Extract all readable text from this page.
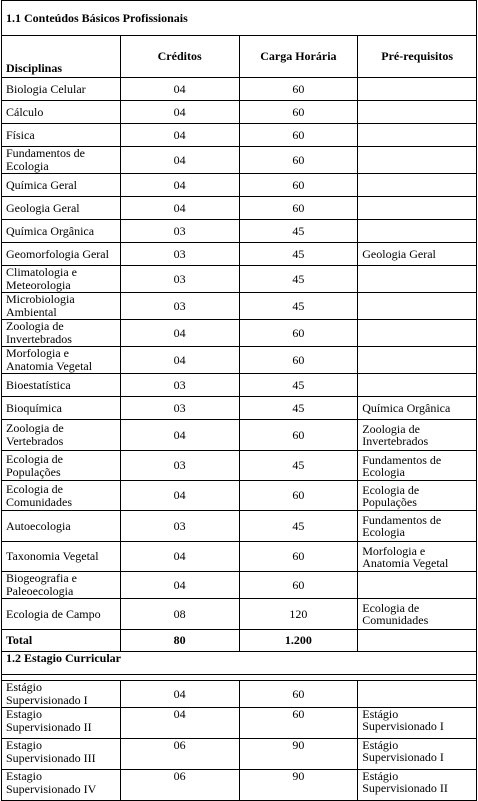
1.1 Conteúdos Básicos Profissionais			
Disciplinas	Créditos	Carga Horária	Pré-requisitos
Biologia Celular	04	60	
Cálculo	04	60	
Física	04	60	
Fundamentos de Ecologia	04	60	
Química Geral	04	60	
Geologia Geral	04	60	
Química Orgânica	03	45	
Geomorfologia Geral	03	45	Geologia Geral
Climatologia e Meteorologia	03	45	
Microbiologia Ambiental	03	45	
Zoologia de Invertebrados	04	60	
Morfologia e Anatomia Vegetal	04	60	
Bioestatística	03	45	
Bioquímica	03	45	Química Orgânica
Zoologia de Vertebrados	04	60	Zoologia de Invertebrados
Ecologia de Populações	03	45	Fundamentos de Ecologia
Ecologia de Comunidades	04	60	Ecologia de Populações
Autoecologia	03	45	Fundamentos de Ecologia
Taxonomia Vegetal	04	60	Morfologia e Anatomia Vegetal
Biogeografia e Paleoecologia	04	60	
Ecologia de Campo	08	120	Ecologia de Comunidades
Total	80	1.200	
1.2 Estagio Curricular			

Estágio Supervisionado I	04	60	
Estagio Supervisionado II	04	60	Estágio Supervisionado I
Estagio Supervisionado III	06	90	Estágio Supervisionado I
Estagio Supervisionado IV	06	90	Estágio Supervisionado II
